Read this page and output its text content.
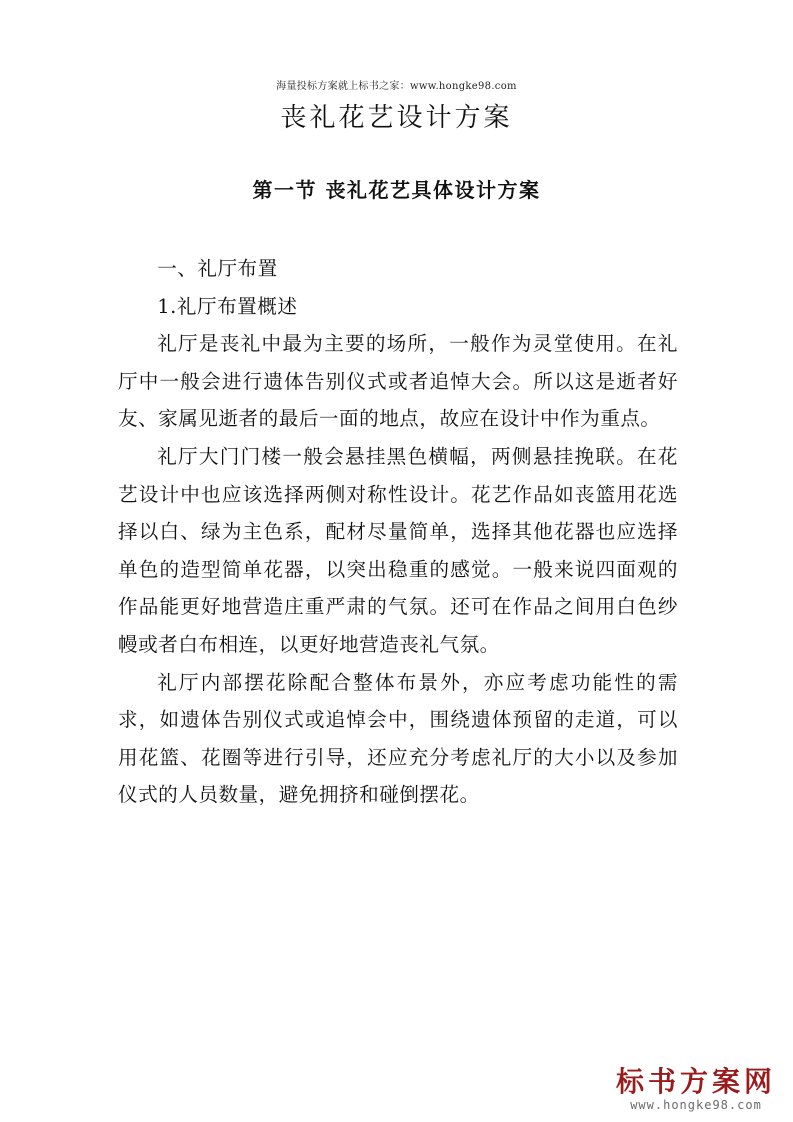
海量投标方案就上标书之家：www.hongke98.com
丧礼花艺设计方案
第一节 丧礼花艺具体设计方案
一、礼厅布置
1.礼厅布置概述

礼厅是丧礼中最为主要的场所，一般作为灵堂使用。在礼厅中一般会进行遗体告别仪式或者追悼大会。所以这是逝者好友、家属见逝者的最后一面的地点，故应在设计中作为重点。

礼厅大门门楼一般会悬挂黑色横幅，两侧悬挂挽联。在花艺设计中也应该选择两侧对称性设计。花艺作品如丧篮用花选择以白、绿为主色系，配材尽量简单，选择其他花器也应选择单色的造型简单花器，以突出稳重的感觉。一般来说四面观的作品能更好地营造庄重严肃的气氛。还可在作品之间用白色纱幔或者白布相连，以更好地营造丧礼气氛。

礼厅内部摆花除配合整体布景外，亦应考虑功能性的需求，如遗体告别仪式或追悼会中，围绕遗体预留的走道，可以用花篮、花圈等进行引导，还应充分考虑礼厅的大小以及参加仪式的人员数量，避免拥挤和碰倒摆花。

标书方案网
www.hongke98.com
